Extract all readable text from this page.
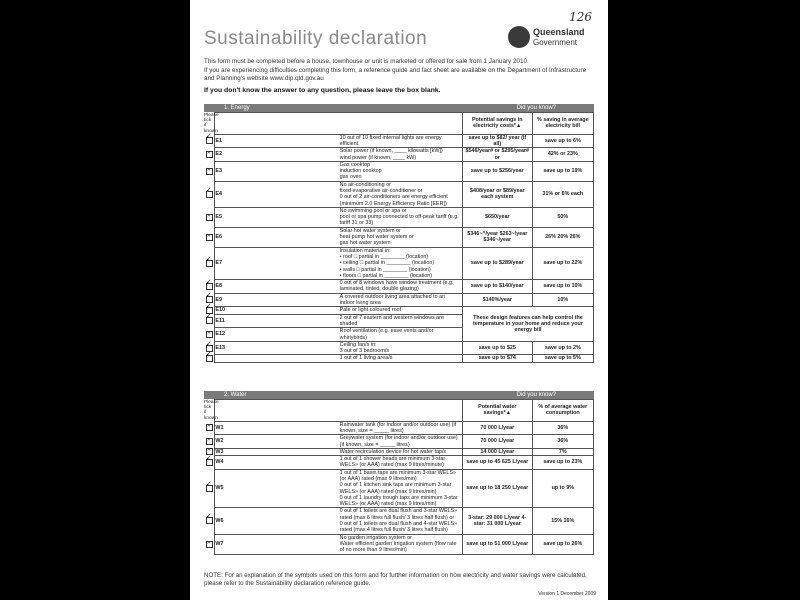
126
Sustainability declaration	Queensland
Government

This form must be completed before a house, townhouse or unit is marketed or offered for sale from 1 January 2010.

If you are experiencing difficulties completing this form, a reference guide and fact sheet are available on the Department of Infrastructure and Planning's website www.dip.qld.gov.au

If you don't know the answer to any question, please leave the box blank.

1. Energy	Did you know?
Please tick if known			Potential savings in electricity costs*▲	% saving in average electricity bill
✓	E1	10 out of 10 fixed internal lights are energy efficient	save up to $82/ year (if all)	save up to 6%
✕	E2	Solar power (if known, ____ kilowatts [kW])
wind power (if known, ____ kW)	$546/year# or $295/year# or	42% or 23%
✕	E3	Gas cooktop
induction cooktop
gas oven	save up to $256/year	save up to 19%
✓	E4	No air-conditioning or
fixed evaporative air-conditioner or
0 out of 2 air-conditioners are energy efficient (minimum 2.0 Energy Efficiency Ratio [EER])	$408/year or $89/year each system	31% or 6% each
✕	E5	No swimming pool or spa or
pool or spa pump connected to off-peak tariff (e.g. tariff 31 or 33)	$650/year	50%
✕	E6	Solar hot water system or
heat pump hot water system or
gas hot water system	$346~^/year $263~/year $346~/year	26% 20% 26%
✓	E7	Insulation material in:
• roof □ partial in ________ (location)
• ceiling □ partial in ________ (location)
• walls □ partial in ________ (location)
• floors □ partial in ________ (location)	save up to $289/year	save up to 22%
✓	E8	0 out of 8 windows have window treatment (e.g. laminated, tinted, double glazing)	save up to $140/year	save up to 10%
✓	E9	A covered outdoor living area attached to an indoor living area	$140%/year	10%
✓	E10	Pale or light coloured roof	These design features can help control the temperature in your home and reduce your energy bill	
✓	E11	2 out of 7 eastern and western windows are shaded		

✕	E12	Roof ventilation (e.g. eave vents and/or whirlybirds)		

✓	E13	Ceiling fan/s in:
3 out of 3 bedroom/s	save up to $25	save up to 2%
✓		
1 out of 1 living area/s	save up to $74	save up to 5%
2. Water	Did you know?
Please tick if known			Potential water savings*▲	% of average water consumption
✕	W1	Rainwater tank (for indoor and/or outdoor use) (if known, size = _____ litres)	70 000 L/year	36%
✕	W2	Greywater system (for indoor and/or outdoor use) (if known, size = _____ litres)	70 000 L/year	36%
✕	W3	Water recirculation device for hot water tap/s	14 000 L/year	7%
✓	W4	1 out of 1 shower heads are minimum 3-star WELS» (or AAA) rated (max 9 litres/minute)	save up to 45 625 L/year	save up to 23%
✓	W5	1 out of 1 basin taps are minimum 3-star WELS» (or AAA) rated (max 9 litres/min)
0 out of 1 kitchen sink taps are minimum 3-star WELS» (or AAA) rated (max 9 litres/min)
0 out of 1 laundry trough taps are minimum 3-star WELS» (or AAA) rated (max 9 litres/min)	save up to 18 250 L/year	up to 9%
✓	W6	0 out of 1 toilets are dual flush and 3-star WELS» rated (max 6 litres full flush/ 3 litres half flush) or
0 out of 1 toilets are dual flush and 4-star WELS» rated (max 4 litres full flush/ 3 litres half flush)	3-star: 29 000 L/year 4-star: 31 000 L/year	15% 16%
✕	W7	No garden irrigation system or
Water efficient garden irrigation system (flow rate of no more than 9 litres/min)	save up to 51 000 L/year	save up to 26%
NOTE: For an explanation of the symbols used on this form and for further information on how electricity and water savings were calculated, please refer to the Sustainability declaration reference guide.
Version 1 December 2009
